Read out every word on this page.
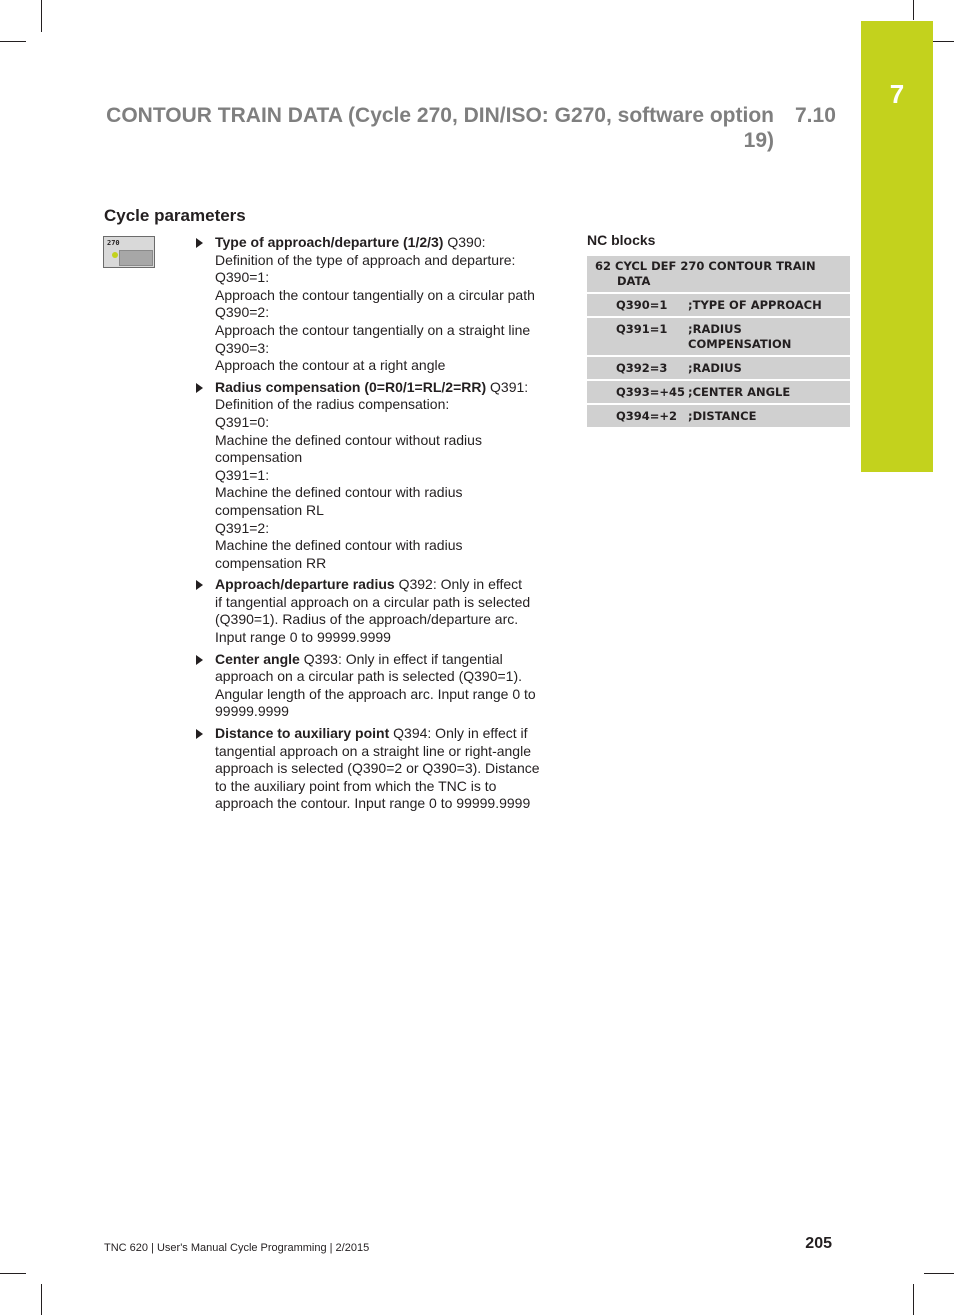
7
CONTOUR TRAIN DATA (Cycle 270, DIN/ISO: G270, software option
19)
7.10
Cycle parameters
270	Type of approach/departure (1/2/3) Q390:
Definition of the type of approach and departure:
Q390=1:
Approach the contour tangentially on a circular path
Q390=2:
Approach the contour tangentially on a straight line
Q390=3:
Approach the contour at a right angle
Radius compensation (0=R0/1=RL/2=RR) Q391:
Definition of the radius compensation:
Q391=0:
Machine the defined contour without radius
compensation
Q391=1:
Machine the defined contour with radius
compensation RL
Q391=2:
Machine the defined contour with radius
compensation RR
Approach/departure radius Q392: Only in effect
if tangential approach on a circular path is selected
(Q390=1). Radius of the approach/departure arc.
Input range 0 to 99999.9999
Center angle Q393: Only in effect if tangential
approach on a circular path is selected (Q390=1).
Angular length of the approach arc. Input range 0 to
99999.9999
Distance to auxiliary point Q394: Only in effect if
tangential approach on a straight line or right-angle
approach is selected (Q390=2 or Q390=3). Distance
to the auxiliary point from which the TNC is to
approach the contour. Input range 0 to 99999.9999
NC blocks
62 CYCL DEF 270 CONTOUR TRAIN
DATA
Q390=1	;TYPE OF APPROACH
Q391=1	;RADIUS COMPENSATION
Q392=3	;RADIUS
Q393=+45 ;CENTER ANGLE
Q394=+2 ;DISTANCE
TNC 620 | User's Manual Cycle Programming | 2/2015	205
